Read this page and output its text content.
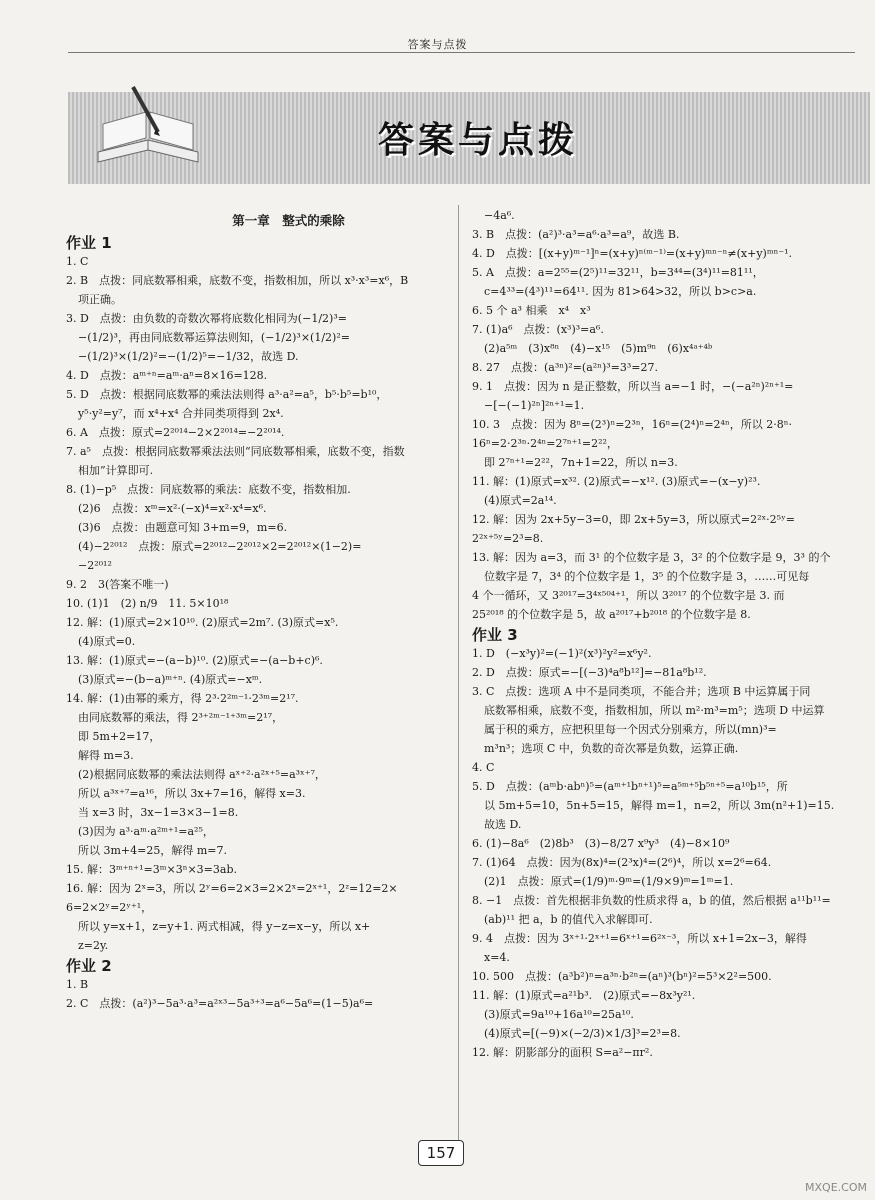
答案与点拨
答案与点拨
第一章　整式的乘除
作业 1
1. C
2. B　点拨：同底数幂相乘，底数不变，指数相加，所以 x³·x³=x⁶，B
项正确。
3. D　点拨：由负数的奇数次幂将底数化相同为(−1/2)³=
−(1/2)³，再由同底数幂运算法则知，(−1/2)³×(1/2)²=
−(1/2)³×(1/2)²=−(1/2)⁵=−1/32，故选 D.
4. D　点拨：aᵐ⁺ⁿ=aᵐ·aⁿ=8×16=128.
5. D　点拨：根据同底数幂的乘法法则得 a³·a²=a⁵，b⁵·b⁵=b¹⁰，
y⁵·y²=y⁷，而 x⁴+x⁴ 合并同类项得到 2x⁴.
6. A　点拨：原式=2²⁰¹⁴−2×2²⁰¹⁴=−2²⁰¹⁴.
7. a⁵　点拨：根据同底数幂乘法法则“同底数幂相乘，底数不变，指数
相加”计算即可.
8. (1)−p⁵　点拨：同底数幂的乘法：底数不变，指数相加.
(2)6　点拨：xᵐ=x²·(−x)⁴=x²·x⁴=x⁶.
(3)6　点拨：由题意可知 3+m=9，m=6.
(4)−2²⁰¹²　点拨：原式=2²⁰¹²−2²⁰¹²×2=2²⁰¹²×(1−2)=
−2²⁰¹²
9. 2　3(答案不唯一)
10. (1)1　(2) n/9　11. 5×10¹⁸
12. 解：(1)原式=2×10¹⁰. (2)原式=2m⁷. (3)原式=x⁵.
(4)原式=0.
13. 解：(1)原式=−(a−b)¹⁰. (2)原式=−(a−b+c)⁶.
(3)原式=−(b−a)ᵐ⁺ⁿ. (4)原式=−xᵐ.
14. 解：(1)由幂的乘方，得 2³·2²ᵐ⁻¹·2³ᵐ=2¹⁷.
由同底数幂的乘法，得 2³⁺²ᵐ⁻¹⁺³ᵐ=2¹⁷，
即 5m+2=17，
解得 m=3.
(2)根据同底数幂的乘法法则得 aˣ⁺²·a²ˣ⁺⁵=a³ˣ⁺⁷，
所以 a³ˣ⁺⁷=a¹⁶，所以 3x+7=16，解得 x=3.
当 x=3 时，3x−1=3×3−1=8.
(3)因为 a³·aᵐ·a²ᵐ⁺¹=a²⁵，
所以 3m+4=25，解得 m=7.
15. 解：3ᵐ⁺ⁿ⁺¹=3ᵐ×3ⁿ×3=3ab.
16. 解：因为 2ˣ=3，所以 2ʸ=6=2×3=2×2ˣ=2ˣ⁺¹，2ᶻ=12=2×
6=2×2ʸ=2ʸ⁺¹，
所以 y=x+1，z=y+1. 两式相减，得 y−z=x−y，所以 x+
z=2y.
作业 2
1. B
2. C　点拨：(a²)³−5a³·a³=a²ˣ³−5a³⁺³=a⁶−5a⁶=(1−5)a⁶=
−4a⁶.
3. B　点拨：(a²)³·a³=a⁶·a³=a⁹，故选 B.
4. D　点拨：[(x+y)ᵐ⁻¹]ⁿ=(x+y)ⁿ⁽ᵐ⁻¹⁾=(x+y)ᵐⁿ⁻ⁿ≠(x+y)ᵐⁿ⁻¹.
5. A　点拨：a=2⁵⁵=(2⁵)¹¹=32¹¹，b=3⁴⁴=(3⁴)¹¹=81¹¹，
c=4³³=(4³)¹¹=64¹¹. 因为 81>64>32，所以 b>c>a.
6. 5 个 a³ 相乘　x⁴　x³
7. (1)a⁶　点拨：(x³)³=a⁶.
(2)a⁵ᵐ　(3)x⁸ⁿ　(4)−x¹⁵　(5)m⁹ⁿ　(6)x⁴ᵃ⁺⁴ᵇ
8. 27　点拨：(a³ⁿ)²=(a²ⁿ)³=3³=27.
9. 1　点拨：因为 n 是正整数，所以当 a=−1 时，−(−a²ⁿ)²ⁿ⁺¹=
−[−(−1)²ⁿ]²ⁿ⁺¹=1.
10. 3　点拨：因为 8ⁿ=(2³)ⁿ=2³ⁿ，16ⁿ=(2⁴)ⁿ=2⁴ⁿ，所以 2·8ⁿ·
16ⁿ=2·2³ⁿ·2⁴ⁿ=2⁷ⁿ⁺¹=2²²，
即 2⁷ⁿ⁺¹=2²²，7n+1=22，所以 n=3.
11. 解：(1)原式=x³². (2)原式=−x¹². (3)原式=−(x−y)²³.
(4)原式=2a¹⁴.
12. 解：因为 2x+5y−3=0，即 2x+5y=3，所以原式=2²ˣ·2⁵ʸ=
2²ˣ⁺⁵ʸ=2³=8.
13. 解：因为 a=3，而 3¹ 的个位数字是 3，3² 的个位数字是 9，3³ 的个
位数字是 7，3⁴ 的个位数字是 1，3⁵ 的个位数字是 3，……可见每
4 个一循环，又 3²⁰¹⁷=3⁴ˣ⁵⁰⁴⁺¹，所以 3²⁰¹⁷ 的个位数字是 3. 而
25²⁰¹⁸ 的个位数字是 5，故 a²⁰¹⁷+b²⁰¹⁸ 的个位数字是 8.
作业 3
1. D　(−x³y)²=(−1)²(x³)²y²=x⁶y².
2. D　点拨：原式=−[(−3)⁴a⁸b¹²]=−81a⁸b¹².
3. C　点拨：选项 A 中不是同类项，不能合并；选项 B 中运算属于同
底数幂相乘，底数不变，指数相加，所以 m²·m³=m⁵；选项 D 中运算
属于积的乘方，应把积里每一个因式分别乘方，所以(mn)³=
m³n³；选项 C 中，负数的奇次幂是负数，运算正确.
4. C
5. D　点拨：(aᵐb·abⁿ)⁵=(aᵐ⁺¹bⁿ⁺¹)⁵=a⁵ᵐ⁺⁵b⁵ⁿ⁺⁵=a¹⁰b¹⁵，所
以 5m+5=10，5n+5=15，解得 m=1，n=2，所以 3m(n²+1)=15.
故选 D.
6. (1)−8a⁶　(2)8b³　(3)−8/27 x⁹y³　(4)−8×10⁹
7. (1)64　点拨：因为(8x)⁴=(2³x)⁴=(2⁶)⁴，所以 x=2⁶=64.
(2)1　点拨：原式=(1/9)ᵐ·9ᵐ=(1/9×9)ᵐ=1ᵐ=1.
8. −1　点拨：首先根据非负数的性质求得 a，b 的值，然后根据 a¹¹b¹¹=
(ab)¹¹ 把 a，b 的值代入求解即可.
9. 4　点拨：因为 3ˣ⁺¹·2ˣ⁺¹=6ˣ⁺¹=6²ˣ⁻³，所以 x+1=2x−3，解得
x=4.
10. 500　点拨：(a³b²)ⁿ=a³ⁿ·b²ⁿ=(aⁿ)³(bⁿ)²=5³×2²=500.
11. 解：(1)原式=a²¹b³.　(2)原式=−8x³y²¹.
(3)原式=9a¹⁰+16a¹⁰=25a¹⁰.
(4)原式=[(−9)×(−2/3)×1/3]³=2³=8.
12. 解：阴影部分的面积 S=a²−πr².
157
MXQE.COM
